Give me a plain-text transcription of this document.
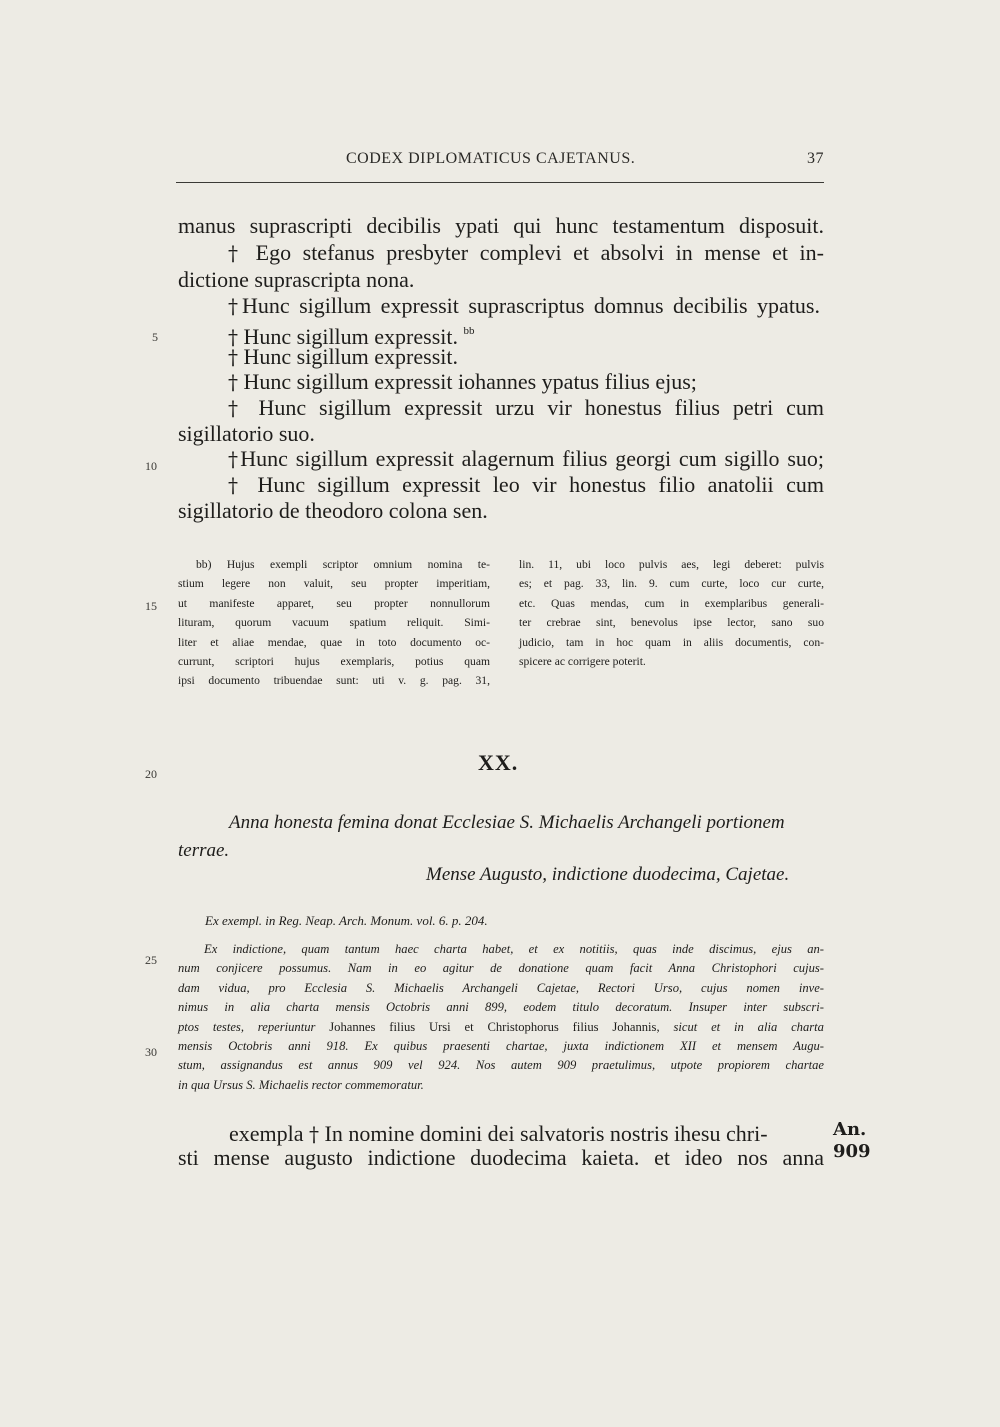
CODEX DIPLOMATICUS CAJETANUS.	37
manus suprascripti decibilis ypati qui hunc testamentum disposuit.
† Ego stefanus presbyter complevi et absolvi in mense et in-
dictione suprascripta nona.
†Hunc sigillum expressit suprascriptus domnus decibilis ypatus.
† Hunc sigillum expressit. $^{bb}$
† Hunc sigillum expressit.
† Hunc sigillum expressit iohannes ypatus filius ejus;
† Hunc sigillum expressit urzu vir honestus filius petri cum
sigillatorio suo.
†Hunc sigillum expressit alagernum filius georgi cum sigillo suo;
† Hunc sigillum expressit leo vir honestus filio anatolii cum
sigillatorio de theodoro colona sen.
5
10
15
20
25
30
bb) Hujus exempli scriptor omnium nomina te-
stium legere non valuit, seu propter imperitiam,
ut manifeste apparet, seu propter nonnullorum
lituram, quorum vacuum spatium reliquit. Simi-
liter et aliae mendae, quae in toto documento oc-
currunt, scriptori hujus exemplaris, potius quam
ipsi documento tribuendae sunt: uti v. g. pag. 31,
lin. 11, ubi loco pulvis aes, legi deberet: pulvis
es; et pag. 33, lin. 9. cum curte, loco cur curte,
etc. Quas mendas, cum in exemplaribus generali-
ter crebrae sint, benevolus ipse lector, sano suo
judicio, tam in hoc quam in aliis documentis, con-
spicere ac corrigere poterit.
XX.
Anna honesta femina donat Ecclesiae S. Michaelis Archangeli portionem
terrae.
Mense Augusto, indictione duodecima, Cajetae.
Ex exempl. in Reg. Neap. Arch. Monum. vol. 6. p. 204.
Ex indictione, quam tantum haec charta habet, et ex notitiis, quas inde discimus, ejus an-
num conjicere possumus. Nam in eo agitur de donatione quam facit Anna Christophori cujus-
dam vidua, pro Ecclesia S. Michaelis Archangeli Cajetae, Rectori Urso, cujus nomen inve-
nimus in alia charta mensis Octobris anni 899, eodem titulo decoratum. Insuper inter subscri-
ptos testes, reperiuntur Johannes filius Ursi et Christophorus filius Johannis, sicut et in alia charta
mensis Octobris anni 918. Ex quibus praesenti chartae, juxta indictionem XII et mensem Augu-
stum, assignandus est annus 909 vel 924. Nos autem 909 praetulimus, utpote propiorem chartae
in qua Ursus S. Michaelis rector commemoratur.
exempla † In nomine domini dei salvatoris nostris ihesu chri-
sti mense augusto indictione duodecima kaieta. et ideo nos anna
An.
909
